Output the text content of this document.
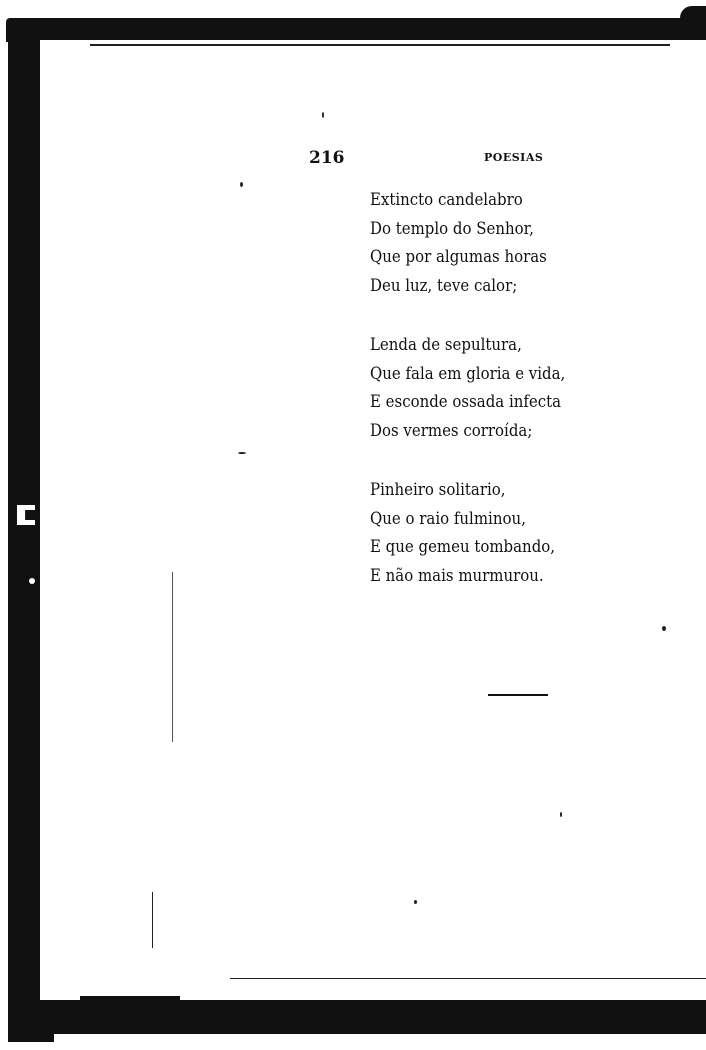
216	POESIAS
Extincto candelabro
Do templo do Senhor,
Que por algumas horas
Deu luz, teve calor;
Lenda de sepultura,
Que fala em gloria e vida,
E esconde ossada infecta
Dos vermes corroída;
Pinheiro solitario,
Que o raio fulminou,
E que gemeu tombando,
E não mais murmurou.
